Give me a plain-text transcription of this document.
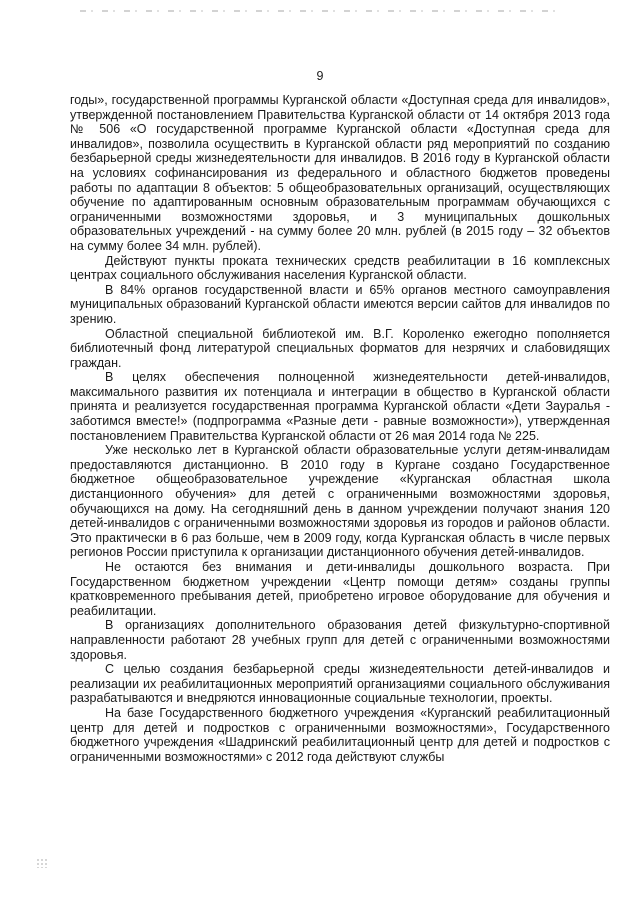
9

годы», государственной программы Курганской области «Доступная среда для инвалидов», утвержденной постановлением Правительства Курганской области от 14 октября 2013 года № 506 «О государственной программе Курганской области «Доступная среда для инвалидов», позволила осуществить в Курганской области ряд мероприятий по созданию безбарьерной среды жизнедеятельности для инвалидов. В 2016 году в Курганской области на условиях софинансирования из федерального и областного бюджетов проведены работы по адаптации 8 объектов: 5 общеобразовательных организаций, осуществляющих обучение по адаптированным основным образовательным программам обучающихся с ограниченными возможностями здоровья, и 3 муниципальных дошкольных образовательных учреждений - на сумму более 20 млн. рублей (в 2015 году – 32 объектов на сумму более 34 млн. рублей).

Действуют пункты проката технических средств реабилитации в 16 комплексных центрах социального обслуживания населения Курганской области.

В 84% органов государственной власти и 65% органов местного самоуправления муниципальных образований Курганской области имеются версии сайтов для инвалидов по зрению.

Областной специальной библиотекой им. В.Г. Короленко ежегодно пополняется библиотечный фонд литературой специальных форматов для незрячих и слабовидящих граждан.

В целях обеспечения полноценной жизнедеятельности детей-инвалидов, максимального развития их потенциала и интеграции в общество в Курганской области принята и реализуется государственная программа Курганской области «Дети Зауралья - заботимся вместе!» (подпрограмма «Разные дети - равные возможности»), утвержденная постановлением Правительства Курганской области от 26 мая 2014 года № 225.

Уже несколько лет в Курганской области образовательные услуги детям-инвалидам предоставляются дистанционно. В 2010 году в Кургане создано Государственное бюджетное общеобразовательное учреждение «Курганская областная школа дистанционного обучения» для детей с ограниченными возможностями здоровья, обучающихся на дому. На сегодняшний день в данном учреждении получают знания 120 детей-инвалидов с ограниченными возможностями здоровья из городов и районов области. Это практически в 6 раз больше, чем в 2009 году, когда Курганская область в числе первых регионов России приступила к организации дистанционного обучения детей-инвалидов.

Не остаются без внимания и дети-инвалиды дошкольного возраста. При Государственном бюджетном учреждении «Центр помощи детям» созданы группы кратковременного пребывания детей, приобретено игровое оборудование для обучения и реабилитации.

В организациях дополнительного образования детей физкультурно-спортивной направленности работают 28 учебных групп для детей с ограниченными возможностями здоровья.

С целью создания безбарьерной среды жизнедеятельности детей-инвалидов и реализации их реабилитационных мероприятий организациями социального обслуживания разрабатываются и внедряются инновационные социальные технологии, проекты.

На базе Государственного бюджетного учреждения «Курганский реабилитационный центр для детей и подростков с ограниченными возможностями», Государственного бюджетного учреждения «Шадринский реабилитационный центр для детей и подростков с ограниченными возможностями» с 2012 года действуют службы
